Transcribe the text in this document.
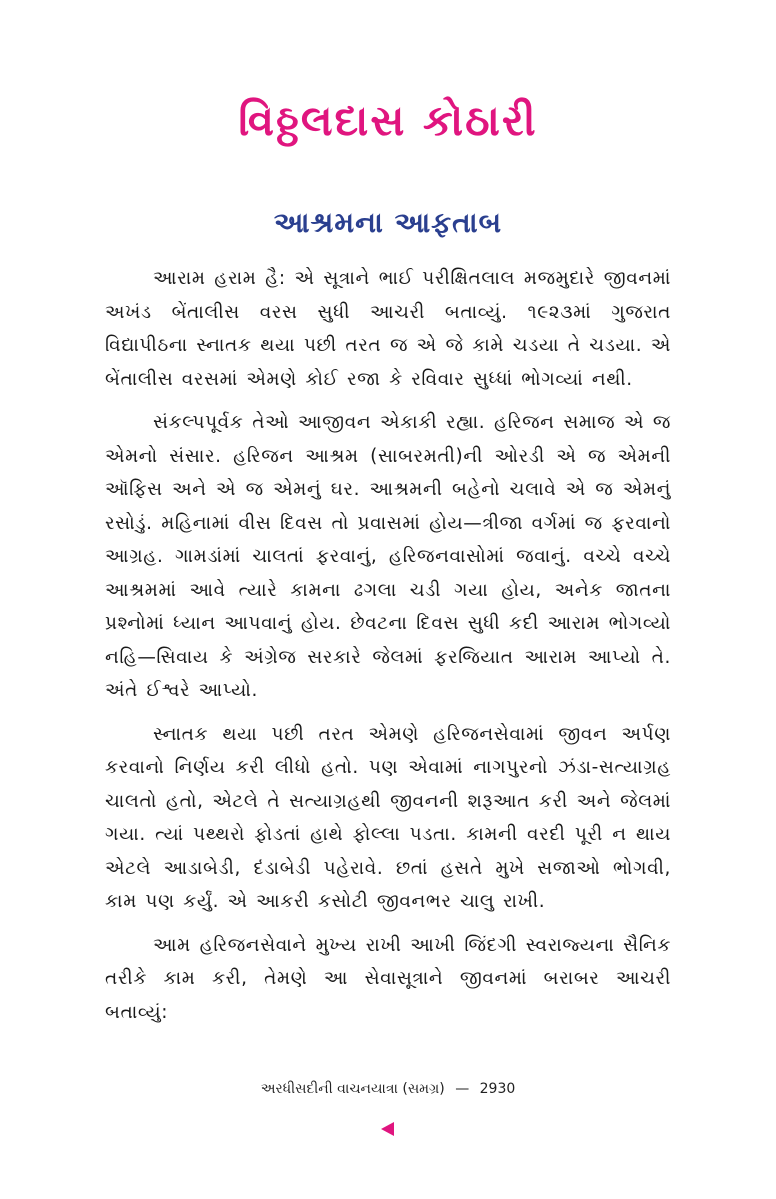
વિઠ્ઠલદાસ કોઠારી
આશ્રમના આફતાબ

આરામ હરામ હૈ: એ સૂત્રાને ભાઈ પરીક્ષિતલાલ મજમુદારે જીવનમાં અખંડ બેંતાલીસ વરસ સુધી આચરી બતાવ્યું. ૧૯૨૩માં ગુજરાત વિદ્યાપીઠના સ્નાતક થયા પછી તરત જ એ જે કામે ચડયા તે ચડયા. એ બેંતાલીસ વરસમાં એમણે કોઈ રજા કે રવિવાર સુધ્ધાં ભોગવ્યાં નથી.

સંકલ્પપૂર્વક તેઓ આજીવન એકાકી રહ્યા. હરિજન સમાજ એ જ એમનો સંસાર. હરિજન આશ્રમ (સાબરમતી)ની ઓરડી એ જ એમની ઑફિસ અને એ જ એમનું ઘર. આશ્રમની બહેનો ચલાવે એ જ એમનું રસોડું. મહિનામાં વીસ દિવસ તો પ્રવાસમાં હોય—ત્રીજા વર્ગમાં જ ફરવાનો આગ્રહ. ગામડાંમાં ચાલતાં ફરવાનું, હરિજનવાસોમાં જવાનું. વચ્ચે વચ્ચે આશ્રમમાં આવે ત્યારે કામના ઢગલા ચડી ગયા હોય, અનેક જાતના પ્રશ્નોમાં ધ્યાન આપવાનું હોય. છેવટના દિવસ સુધી કદી આરામ ભોગવ્યો નહિ—સિવાય કે અંગ્રેજ સરકારે જેલમાં ફરજિયાત આરામ આપ્યો તે. અંતે ઈશ્વરે આપ્યો.

સ્નાતક થયા પછી તરત એમણે હરિજનસેવામાં જીવન અર્પણ કરવાનો નિર્ણય કરી લીધો હતો. પણ એવામાં નાગપુરનો ઝંડા-સત્યાગ્રહ ચાલતો હતો, એટલે તે સત્યાગ્રહથી જીવનની શરૂઆત કરી અને જેલમાં ગયા. ત્યાં પથ્થરો ફોડતાં હાથે ફોલ્લા પડતા. કામની વરદી પૂરી ન થાય એટલે આડાબેડી, દંડાબેડી પહેરાવે. છતાં હસતે મુખે સજાઓ ભોગવી, કામ પણ કર્યું. એ આકરી કસોટી જીવનભર ચાલુ રાખી.

આમ હરિજનસેવાને મુખ્ય રાખી આખી જિંદગી સ્વરાજ્યના સૈનિક તરીકે કામ કરી, તેમણે આ સેવાસૂત્રાને જીવનમાં બરાબર આચરી બતાવ્યું:

અરધીસદીની વાચનયાત્રા (સમગ્ર) — 2930
